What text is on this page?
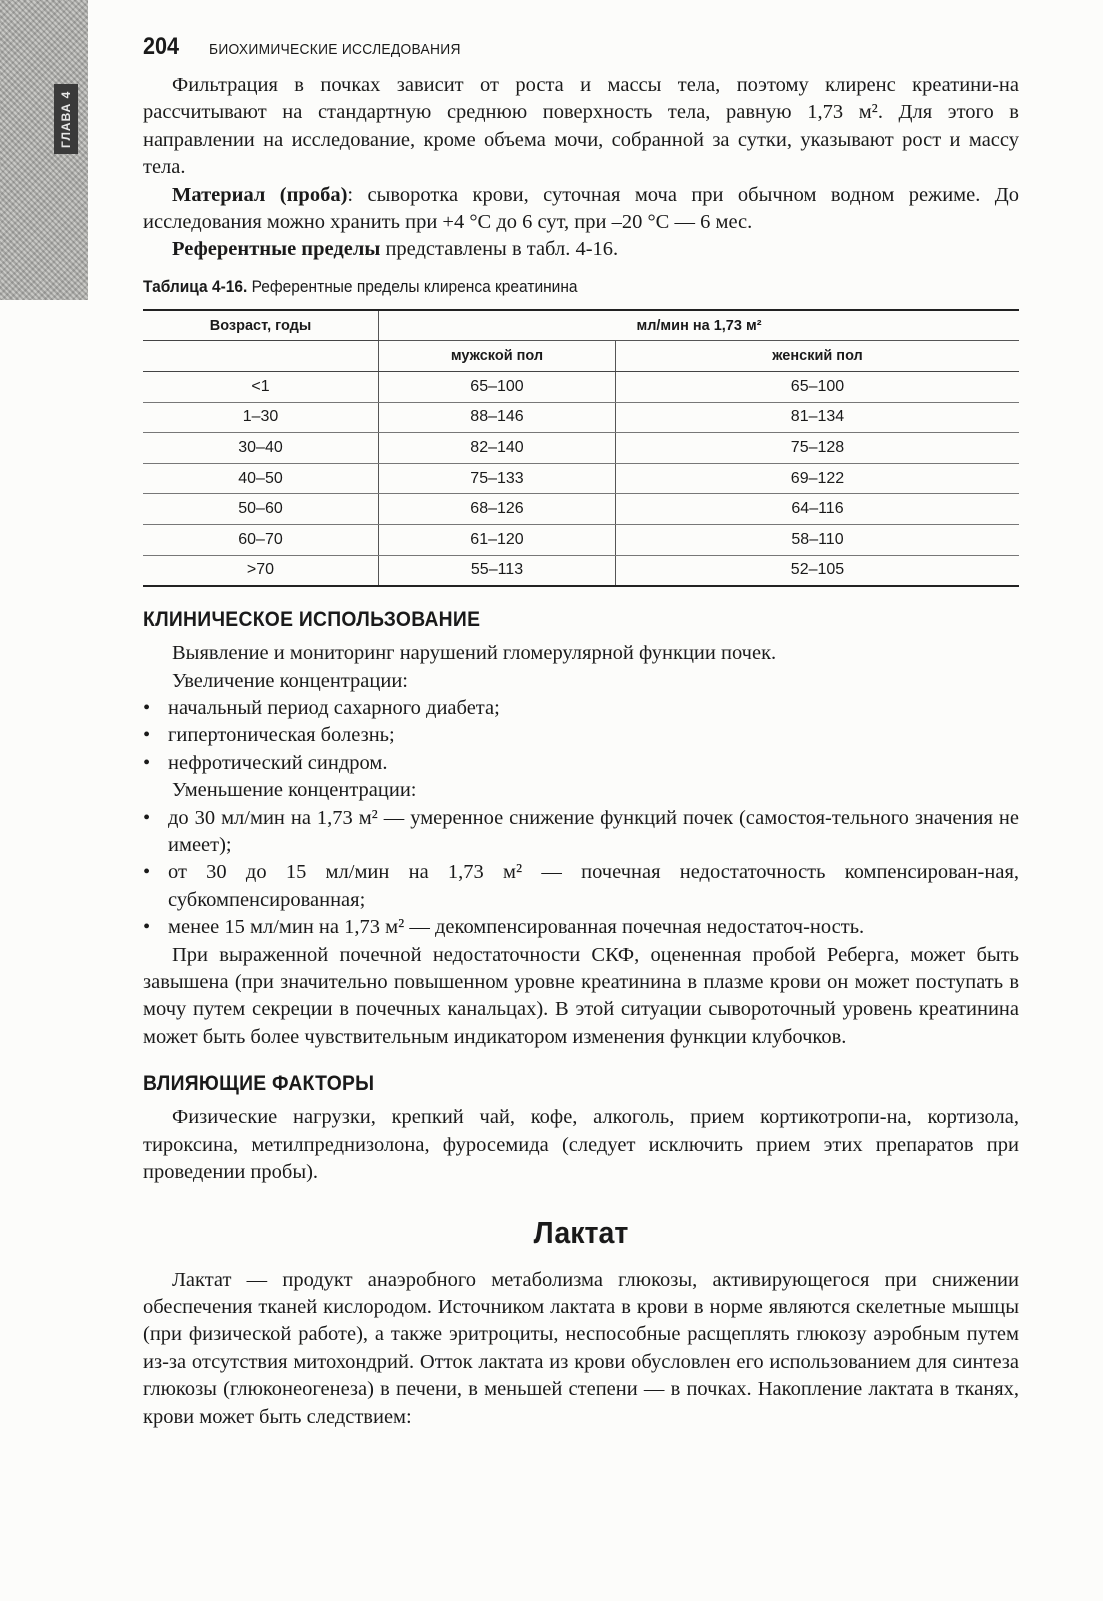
ГЛАВА 4
204 БИОХИМИЧЕСКИЕ ИССЛЕДОВАНИЯ

Фильтрация в почках зависит от роста и массы тела, поэтому клиренс креатини-на рассчитывают на стандартную среднюю поверхность тела, равную 1,73 м². Для этого в направлении на исследование, кроме объема мочи, собранной за сутки, указывают рост и массу тела.

Материал (проба): сыворотка крови, суточная моча при обычном водном режиме. До исследования можно хранить при +4 °С до 6 сут, при –20 °С — 6 мес.

Референтные пределы представлены в табл. 4-16.

Таблица 4-16. Референтные пределы клиренса креатинина
Возраст, годы	мл/мин на 1,73 м²	
	мужской пол	женский пол
<1	65–100	65–100
1–30	88–146	81–134
30–40	82–140	75–128
40–50	75–133	69–122
50–60	68–126	64–116
60–70	61–120	58–110
>70	55–113	52–105
КЛИНИЧЕСКОЕ ИСПОЛЬЗОВАНИЕ

Выявление и мониторинг нарушений гломерулярной функции почек.

Увеличение концентрации:

• начальный период сахарного диабета;
• гипертоническая болезнь;
• нефротический синдром.

Уменьшение концентрации:

• до 30 мл/мин на 1,73 м² — умеренное снижение функций почек (самостоя-тельного значения не имеет);
• от 30 до 15 мл/мин на 1,73 м² — почечная недостаточность компенсирован-ная, субкомпенсированная;
• менее 15 мл/мин на 1,73 м² — декомпенсированная почечная недостаточ-ность.

При выраженной почечной недостаточности СКФ, оцененная пробой Реберга, может быть завышена (при значительно повышенном уровне креатинина в плазме крови он может поступать в мочу путем секреции в почечных канальцах). В этой ситуации сывороточный уровень креатинина может быть более чувствительным индикатором изменения функции клубочков.

ВЛИЯЮЩИЕ ФАКТОРЫ

Физические нагрузки, крепкий чай, кофе, алкоголь, прием кортикотропи-на, кортизола, тироксина, метилпреднизолона, фуросемида (следует исключить прием этих препаратов при проведении пробы).

Лактат

Лактат — продукт анаэробного метаболизма глюкозы, активирующегося при снижении обеспечения тканей кислородом. Источником лактата в крови в норме являются скелетные мышцы (при физической работе), а также эритроциты, неспособные расщеплять глюкозу аэробным путем из-за отсутствия митохондрий. Отток лактата из крови обусловлен его использованием для синтеза глюкозы (глюконеогенеза) в печени, в меньшей степени — в почках. Накопление лактата в тканях, крови может быть следствием:
